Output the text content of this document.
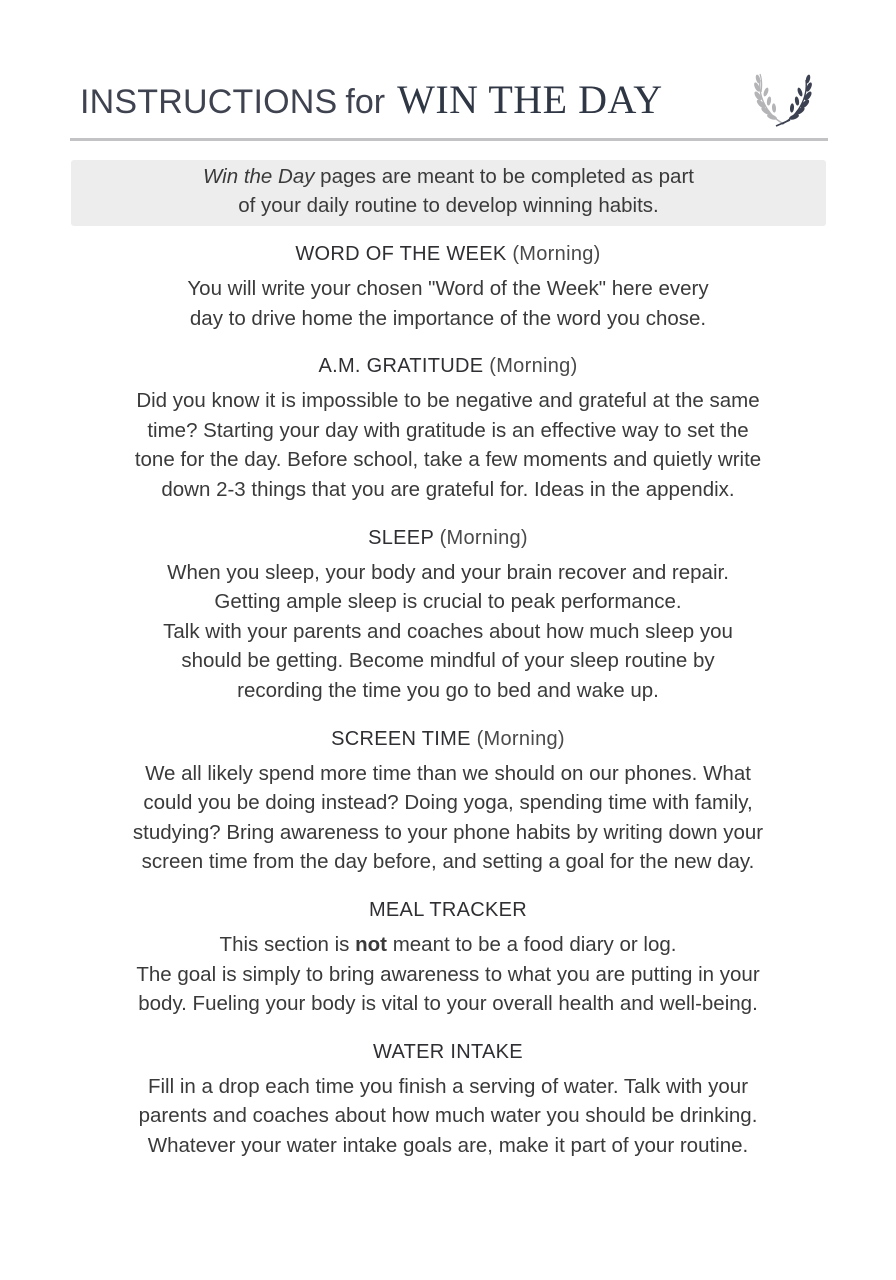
INSTRUCTIONS for WIN THE DAY
Win the Day pages are meant to be completed as part
of your daily routine to develop winning habits.
WORD OF THE WEEK (Morning)

You will write your chosen "Word of the Week" here every

day to drive home the importance of the word you chose.

A.M. GRATITUDE (Morning)

Did you know it is impossible to be negative and grateful at the same

time? Starting your day with gratitude is an effective way to set the

tone for the day. Before school, take a few moments and quietly write

down 2-3 things that you are grateful for. Ideas in the appendix.

SLEEP (Morning)

When you sleep, your body and your brain recover and repair.

Getting ample sleep is crucial to peak performance.

Talk with your parents and coaches about how much sleep you

should be getting. Become mindful of your sleep routine by

recording the time you go to bed and wake up.

SCREEN TIME (Morning)

We all likely spend more time than we should on our phones. What

could you be doing instead? Doing yoga, spending time with family,

studying? Bring awareness to your phone habits by writing down your

screen time from the day before, and setting a goal for the new day.

MEAL TRACKER

This section is not meant to be a food diary or log.

The goal is simply to bring awareness to what you are putting in your

body. Fueling your body is vital to your overall health and well-being.

WATER INTAKE

Fill in a drop each time you finish a serving of water. Talk with your

parents and coaches about how much water you should be drinking.

Whatever your water intake goals are, make it part of your routine.
